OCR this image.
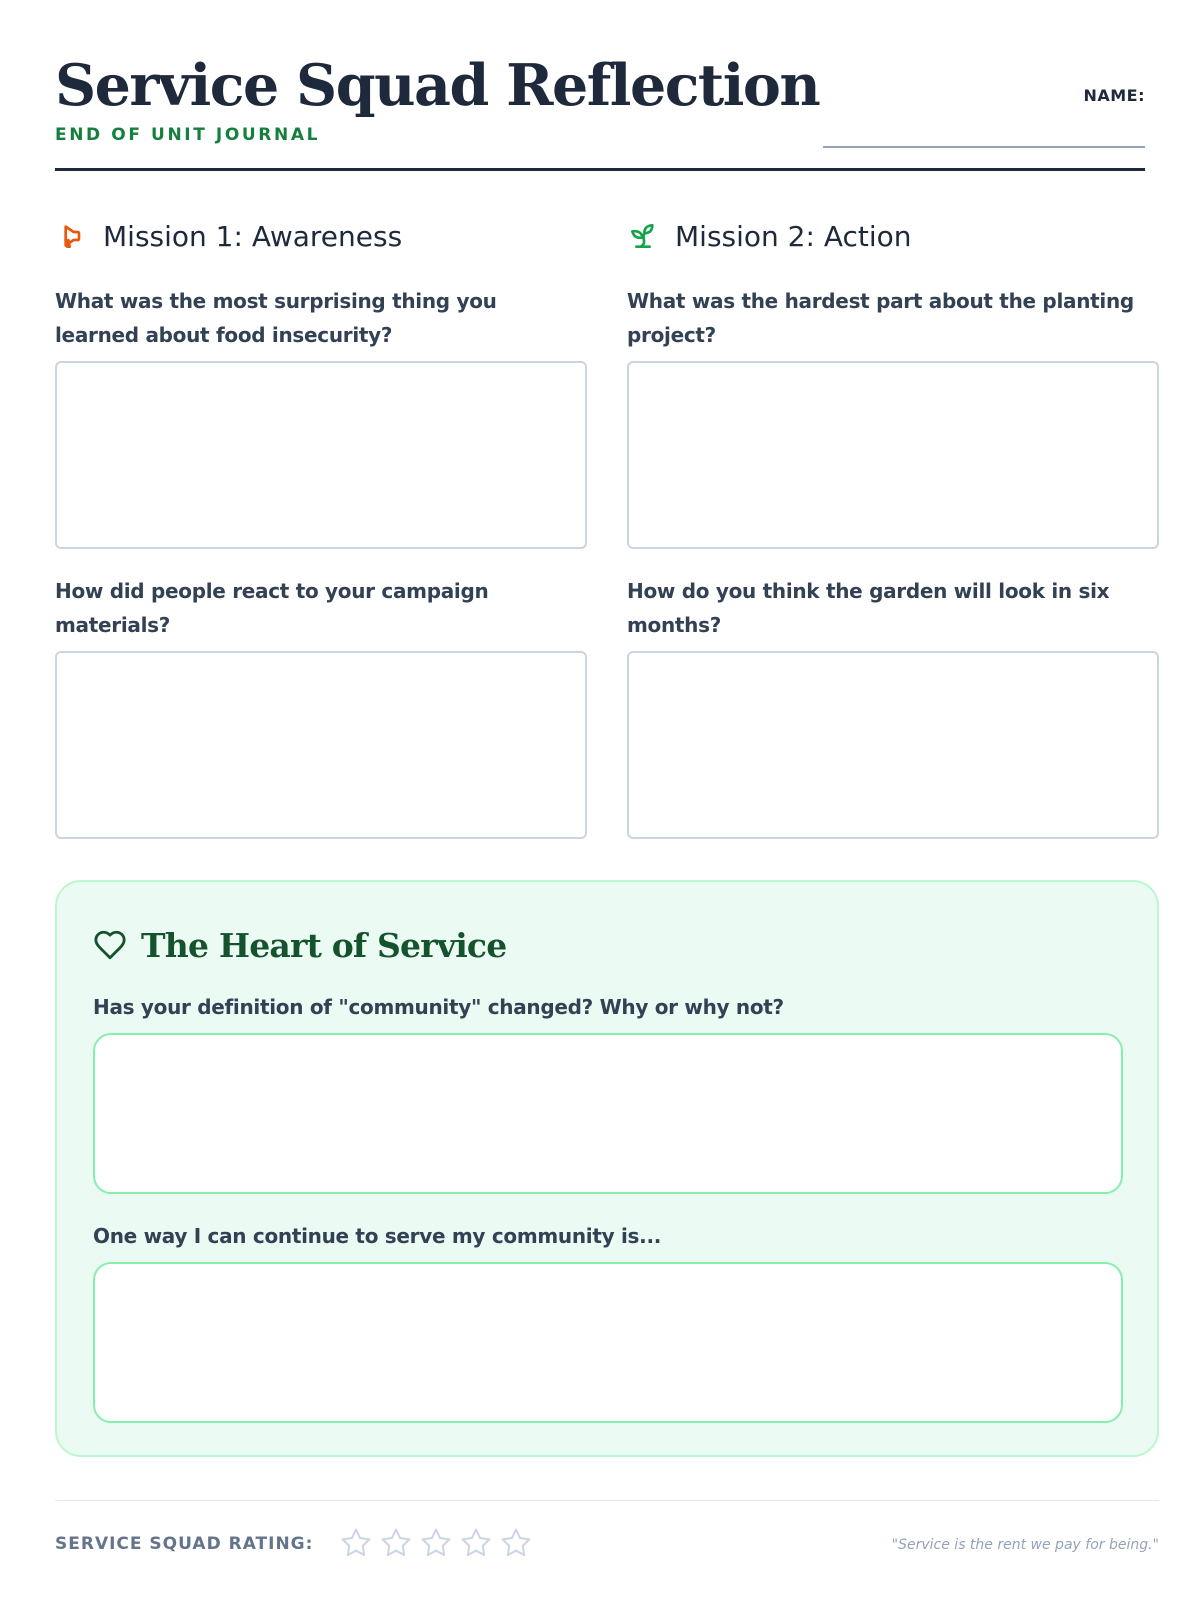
Service Squad Reflection
END OF UNIT JOURNAL
NAME:
Mission 1: Awareness
What was the most surprising thing you learned about food insecurity?
How did people react to your campaign materials?
Mission 2: Action
What was the hardest part about the planting project?
How do you think the garden will look in six months?
The Heart of Service
Has your definition of "community" changed? Why or why not?
One way I can continue to serve my community is...
SERVICE SQUAD RATING:	"Service is the rent we pay for being."
